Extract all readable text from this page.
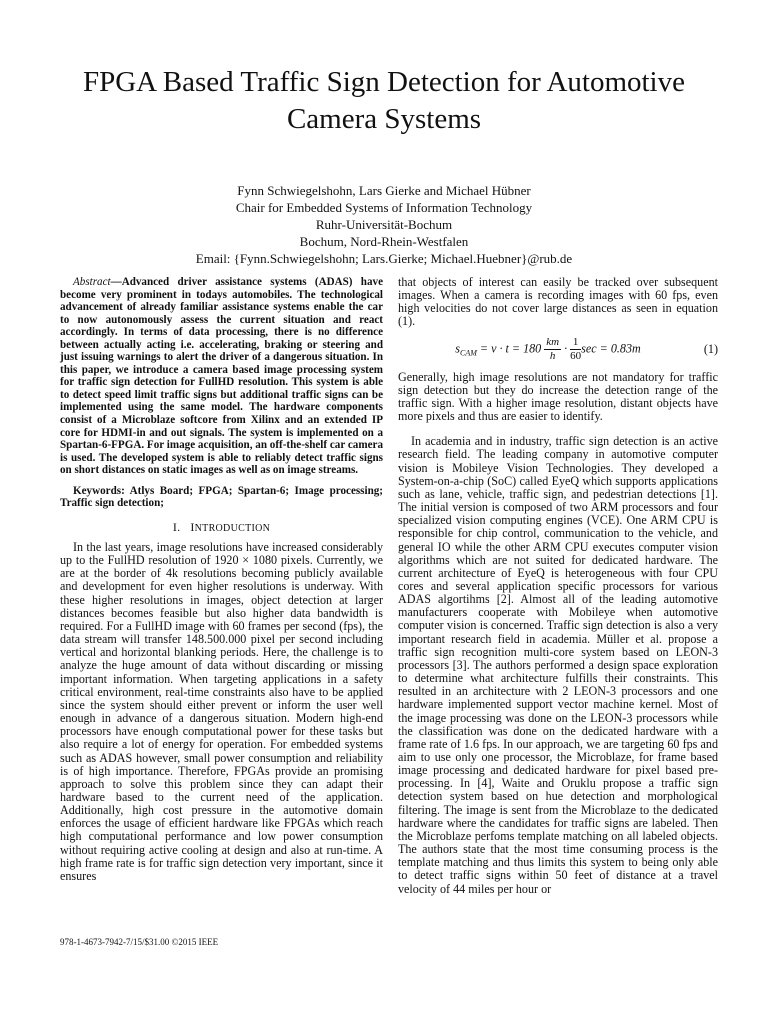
FPGA Based Traffic Sign Detection for Automotive
Camera Systems
Fynn Schwiegelshohn, Lars Gierke and Michael Hübner
Chair for Embedded Systems of Information Technology
Ruhr-Universität-Bochum
Bochum, Nord-Rhein-Westfalen
Email: {Fynn.Schwiegelshohn; Lars.Gierke; Michael.Huebner}@rub.de

Abstract—Advanced driver assistance systems (ADAS) have become very prominent in todays automobiles. The technological advancement of already familiar assistance systems enable the car to now autonomously assess the current situation and react accordingly. In terms of data processing, there is no difference between actually acting i.e. accelerating, braking or steering and just issuing warnings to alert the driver of a dangerous situation. In this paper, we introduce a camera based image processing system for traffic sign detection for FullHD resolution. This system is able to detect speed limit traffic signs but additional traffic signs can be implemented using the same model. The hardware components consist of a Microblaze softcore from Xilinx and an extended IP core for HDMI-in and out signals. The system is implemented on a Spartan-6-FPGA. For image acquisition, an off-the-shelf car camera is used. The developed system is able to reliably detect traffic signs on short distances on static images as well as on image streams.

Keywords: Atlys Board; FPGA; Spartan-6; Image processing; Traffic sign detection;

I. INTRODUCTION

In the last years, image resolutions have increased considerably up to the FullHD resolution of 1920 × 1080 pixels. Currently, we are at the border of 4k resolutions becoming publicly available and development for even higher resolutions is underway. With these higher resolutions in images, object detection at larger distances becomes feasible but also higher data bandwidth is required. For a FullHD image with 60 frames per second (fps), the data stream will transfer 148.500.000 pixel per second including vertical and horizontal blanking periods. Here, the challenge is to analyze the huge amount of data without discarding or missing important information. When targeting applications in a safety critical environment, real-time constraints also have to be applied since the system should either prevent or inform the user well enough in advance of a dangerous situation. Modern high-end processors have enough computational power for these tasks but also require a lot of energy for operation. For embedded systems such as ADAS however, small power consumption and reliability is of high importance. Therefore, FPGAs provide an promising approach to solve this problem since they can adapt their hardware based to the current need of the application. Additionally, high cost pressure in the automotive domain enforces the usage of efficient hardware like FPGAs which reach high computational performance and low power consumption without requiring active cooling at design and also at run-time. A high frame rate is for traffic sign detection very important, since it ensures

that objects of interest can easily be tracked over subsequent images. When a camera is recording images with 60 fps, even high velocities do not cover large distances as seen in equation (1).

$s_{CAM} = v \cdot t = 180 \frac{km}{h} \cdot \frac{1}{60}$ sec = 0.83m	(1)

Generally, high image resolutions are not mandatory for traffic sign detection but they do increase the detection range of the traffic sign. With a higher image resolution, distant objects have more pixels and thus are easier to identify.

In academia and in industry, traffic sign detection is an active research field. The leading company in automotive computer vision is Mobileye Vision Technologies. They developed a System-on-a-chip (SoC) called EyeQ which supports applications such as lane, vehicle, traffic sign, and pedestrian detections [1]. The initial version is composed of two ARM processors and four specialized vision computing engines (VCE). One ARM CPU is responsible for chip control, communication to the vehicle, and general IO while the other ARM CPU executes computer vision algorithms which are not suited for dedicated hardware. The current architecture of EyeQ is heterogeneous with four CPU cores and several application specific processors for various ADAS algortihms [2]. Almost all of the leading automotive manufacturers cooperate with Mobileye when automotive computer vision is concerned. Traffic sign detection is also a very important research field in academia. Müller et al. propose a traffic sign recognition multi-core system based on LEON-3 processors [3]. The authors performed a design space exploration to determine what architecture fulfills their constraints. This resulted in an architecture with 2 LEON-3 processors and one hardware implemented support vector machine kernel. Most of the image processing was done on the LEON-3 processors while the classification was done on the dedicated hardware with a frame rate of 1.6 fps. In our approach, we are targeting 60 fps and aim to use only one processor, the Microblaze, for frame based image processing and dedicated hardware for pixel based pre-processing. In [4], Waite and Oruklu propose a traffic sign detection system based on hue detection and morphological filtering. The image is sent from the Microblaze to the dedicated hardware where the candidates for traffic signs are labeled. Then the Microblaze perfoms template matching on all labeled objects. The authors state that the most time consuming process is the template matching and thus limits this system to being only able to detect traffic signs within 50 feet of distance at a travel velocity of 44 miles per hour or

978-1-4673-7942-7/15/$31.00 ©2015 IEEE
